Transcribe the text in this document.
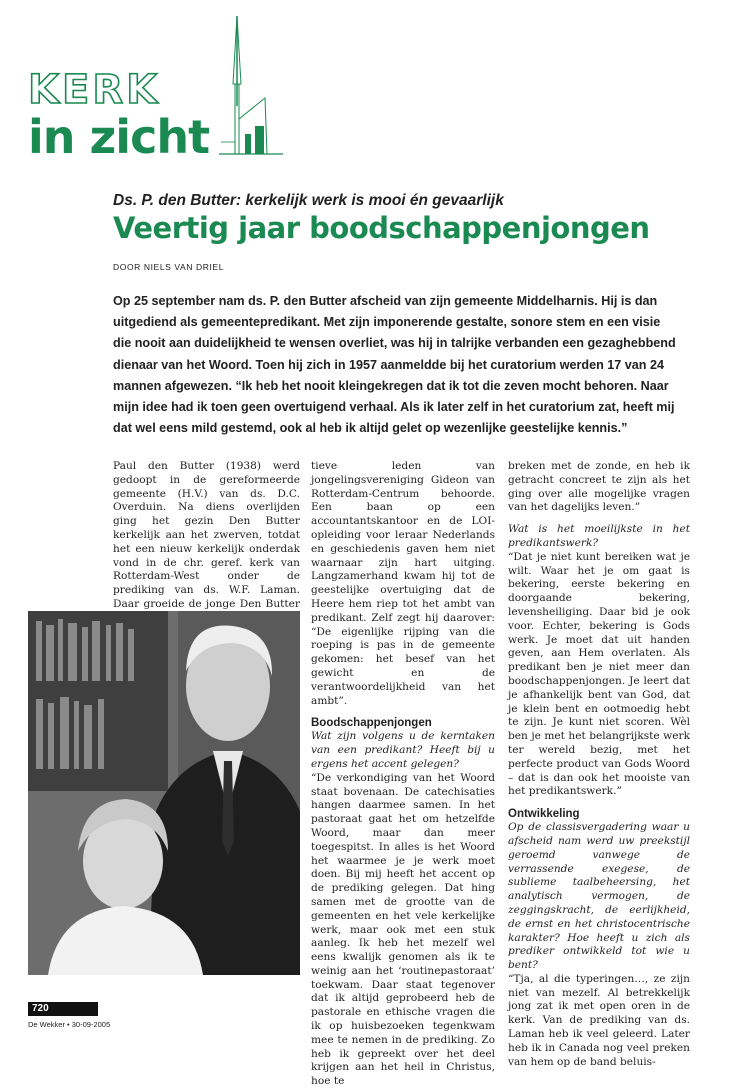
KERK
in zicht
Ds. P. den Butter: kerkelijk werk is mooi én gevaarlijk
Veertig jaar boodschappenjongen
DOOR NIELS VAN DRIEL
Op 25 september nam ds. P. den Butter afscheid van zijn gemeente Middelharnis. Hij is dan uitgediend als gemeentepredikant. Met zijn imponerende gestalte, sonore stem en een visie die nooit aan duidelijkheid te wensen overliet, was hij in talrijke verbanden een gezaghebbend dienaar van het Woord. Toen hij zich in 1957 aanmeldde bij het curatorium werden 17 van 24 mannen afgewezen. “Ik heb het nooit kleingekregen dat ik tot die zeven mocht behoren. Naar mijn idee had ik toen geen overtuigend verhaal. Als ik later zelf in het curatorium zat, heeft mij dat wel eens mild gestemd, ook al heb ik altijd gelet op wezenlijke geestelijke kennis.”

Paul den Butter (1938) werd gedoopt in de gereformeerde gemeente (H.V.) van ds. D.C. Overduin. Na diens overlijden ging het gezin Den Butter kerkelijk aan het zwerven, totdat het een nieuw kerkelijk onderdak vond in de chr. geref. kerk van Rotterdam-West onder de prediking van ds. W.F. Laman. Daar groeide de jonge Den Butter

tieve leden van jongelingsvereniging Gideon van Rotterdam-Centrum behoorde. Een baan op een accountantskantoor en de LOI-opleiding voor leraar Nederlands en geschiedenis gaven hem niet waarnaar zijn hart uitging. Langzamerhand kwam hij tot de geestelijke overtuiging dat de Heere hem riep tot het ambt van predikant. Zelf zegt hij daarover: “De eigenlijke rijping van die roeping is pas in de gemeente gekomen: het besef van het gewicht en de verantwoordelijkheid van het ambt”.

Boodschappenjongen

Wat zijn volgens u de kerntaken van een predikant? Heeft bij u ergens het accent gelegen?

“De verkondiging van het Woord staat bovenaan. De catechisaties hangen daarmee samen. In het pastoraat gaat het om hetzelfde Woord, maar dan meer toegespitst. In alles is het Woord het waarmee je je werk moet doen. Bij mij heeft het accent op de prediking gelegen. Dat hing samen met de grootte van de gemeenten en het vele kerkelijke werk, maar ook met een stuk aanleg. Ik heb het mezelf wel eens kwalijk genomen als ik te weinig aan het ‘routinepastoraat’ toekwam. Daar staat tegenover dat ik altijd geprobeerd heb de pastorale en ethische vragen die ik op huisbezoeken tegenkwam mee te nemen in de prediking. Zo heb ik gepreekt over het deel krijgen aan het heil in Christus, hoe te

breken met de zonde, en heb ik getracht concreet te zijn als het ging over alle mogelijke vragen van het dagelijks leven.”

Wat is het moeilijkste in het predikantswerk?

“Dat je niet kunt bereiken wat je wilt. Waar het je om gaat is bekering, eerste bekering en doorgaande bekering, levensheiliging. Daar bid je ook voor. Echter, bekering is Gods werk. Je moet dat uit handen geven, aan Hem overlaten. Als predikant ben je niet meer dan boodschappenjongen. Je leert dat je afhankelijk bent van God, dat je klein bent en ootmoedig hebt te zijn. Je kunt niet scoren. Wèl ben je met het belangrijkste werk ter wereld bezig, met het perfecte product van Gods Woord – dat is dan ook het mooiste van het predikantswerk.”

Ontwikkeling

Op de classisvergadering waar u afscheid nam werd uw preekstijl geroemd vanwege de verrassende exegese, de sublieme taalbeheersing, het analytisch vermogen, de zeggingskracht, de eerlijkheid, de ernst en het christocentrische karakter? Hoe heeft u zich als prediker ontwikkeld tot wie u bent?

“Tja, al die typeringen…, ze zijn niet van mezelf. Al betrekkelijk jong zat ik met open oren in de kerk. Van de prediking van ds. Laman heb ik veel geleerd. Later heb ik in Canada nog veel preken van hem op de band beluis-

720
De Wekker • 30-09-2005
